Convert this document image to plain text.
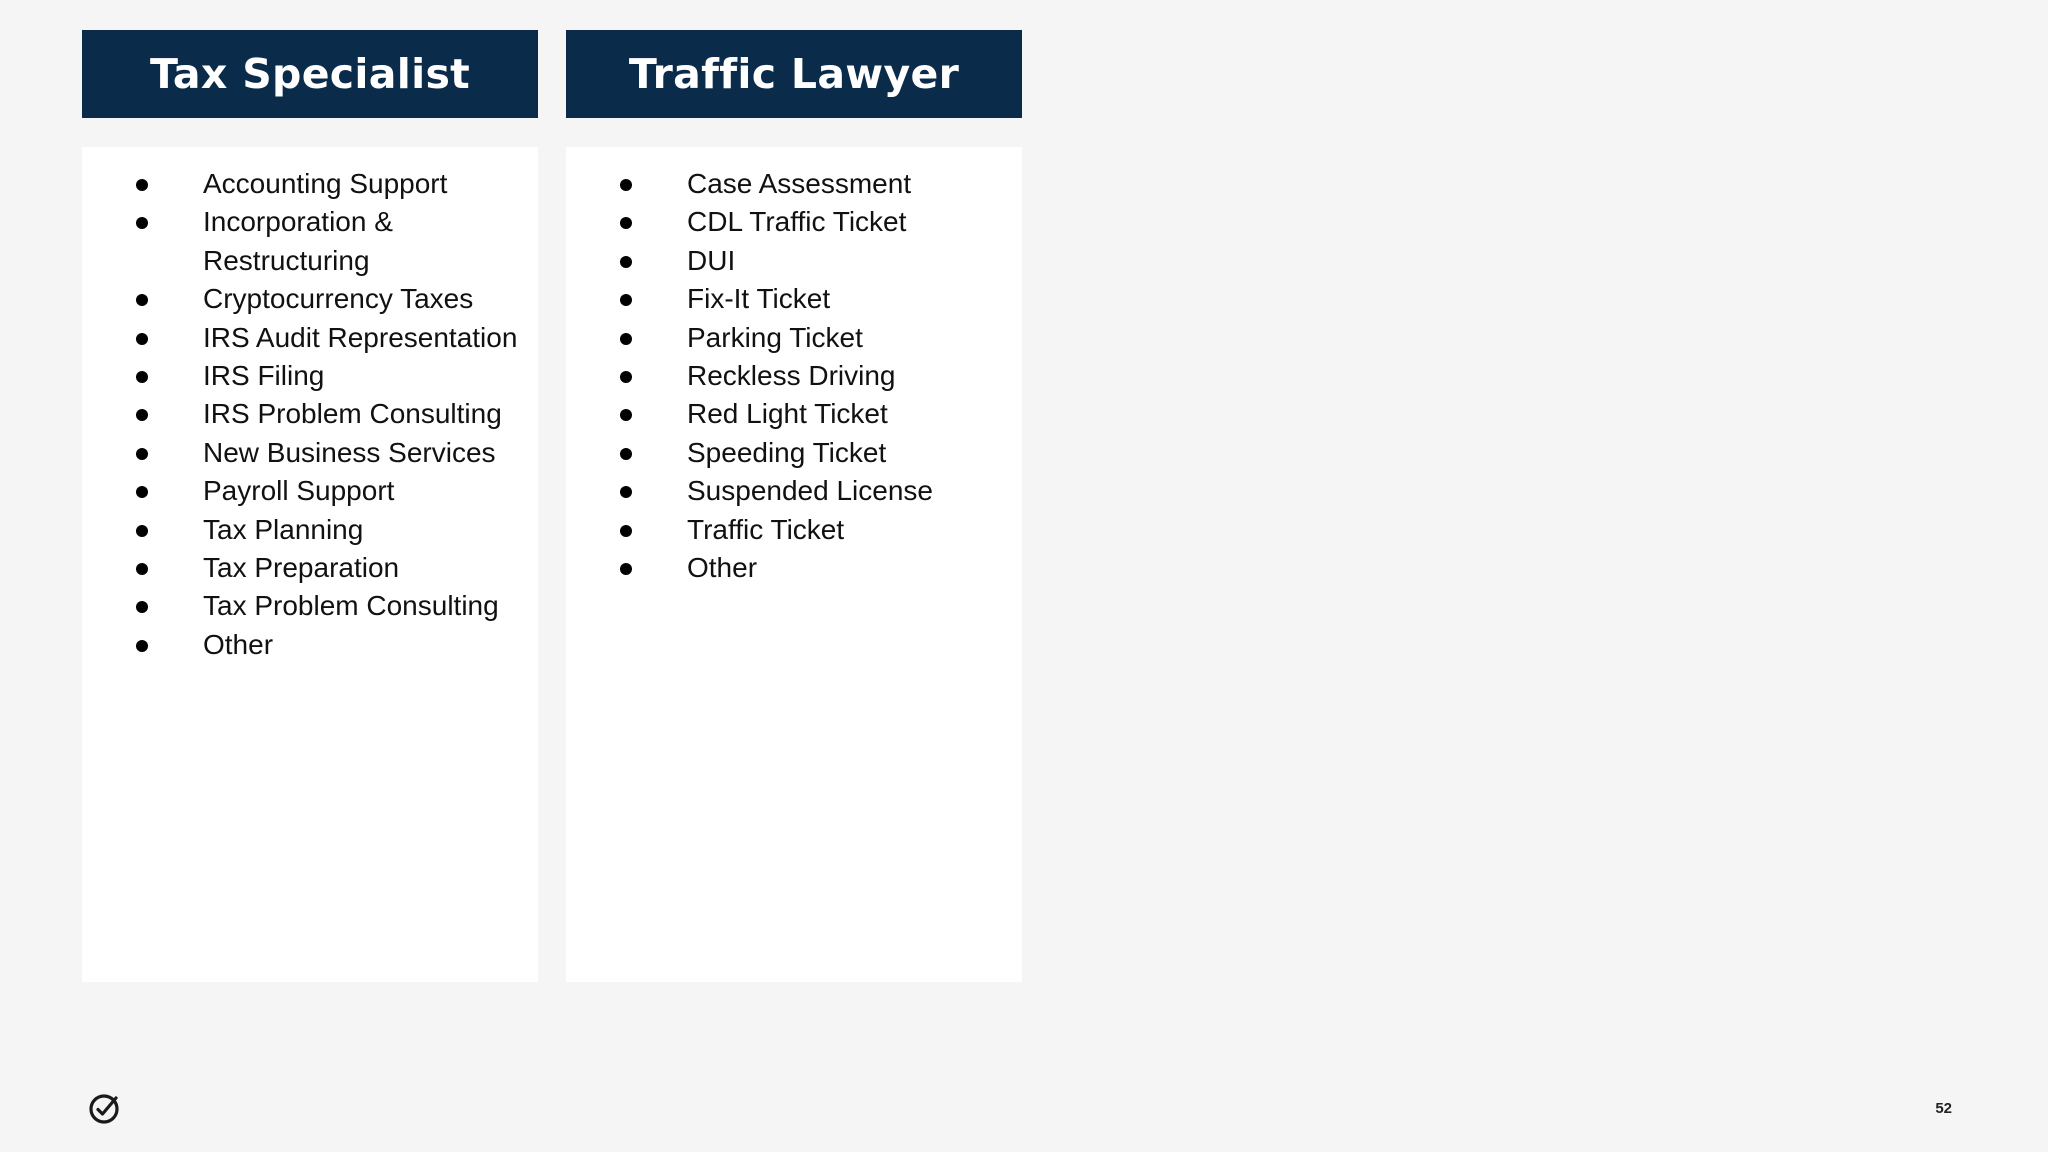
Tax Specialist
Accounting Support
Incorporation & Restructuring
Cryptocurrency Taxes
IRS Audit Representation
IRS Filing
IRS Problem Consulting
New Business Services
Payroll Support
Tax Planning
Tax Preparation
Tax Problem Consulting
Other
Traffic Lawyer
Case Assessment
CDL Traffic Ticket
DUI
Fix-It Ticket
Parking Ticket
Reckless Driving
Red Light Ticket
Speeding Ticket
Suspended License
Traffic Ticket
Other
52
